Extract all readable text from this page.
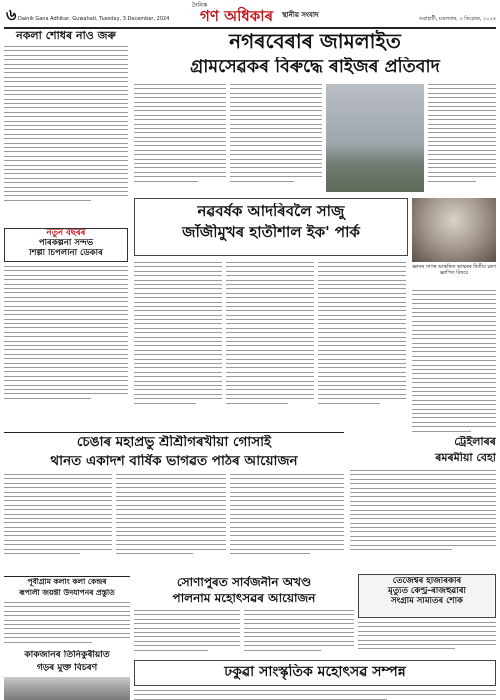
৬ Dainik Gana Adhikar, Guwahati, Tuesday, 3 December, 2024
দৈনিক
গণ অধিকাৰ স্থানীয় সংবাদ	গুৱাহাটী, মঙলবাৰ, ৩ ডিচেম্বৰ, ২০২৪
নকলা শোধৰ নাও জৰু	নগৰবেৰাৰ জামলাইত
গ্ৰামসেৱকৰ বিৰুদ্ধে ৰাইজৰ প্ৰতিবাদ
নতুন বছৰৰ
পৰিকল্পনা সন্দৰ্ভ
শিল্পী চিপলীনা ডেকাৰ
নৱবৰ্ষক আদৰিবলৈ সাজু
জাঁজীমুখৰ হাতীশাল ইক' পাৰ্ক
জ্ঞানৰ সাগৰ ভাস্কৰিজ ভাস্কৰৰ দ্বিতীয় চৰণ জ্ঞাপিত বিষয়ে
চেঙাৰ মহাপ্ৰভু শ্ৰীশ্ৰীগৰখীয়া গোসাই
থানত একাদশ বাৰ্ষিক ভাগৱত পাঠৰ আয়োজন
ট্ৰেইলাৰৰ
ৰমৰমীয়া বেহা
পূৰ্বীগ্ৰাম কলাং কলা কেন্দ্ৰৰ
ৰূপালী জয়ন্তী উদযাপনৰ প্ৰস্তুতি
সোণাপুৰত সাৰ্বজনীন অখণ্ড
পালনাম মহোৎসৱৰ আয়োজন
তেজেশ্বৰ হাজৰিকাৰ
মৃত্যুত কেণ্ট্ৰ-ৰাজহুৱাৰী
সংগ্ৰাম সমিতিৰ শোক
কাকজানৰ তিনিকুৰীয়াত
গড়ৰ মুক্ত বিচৰণ	ঢকুৱা সাংস্কৃতিক মহোৎসৱ সম্পন্ন
